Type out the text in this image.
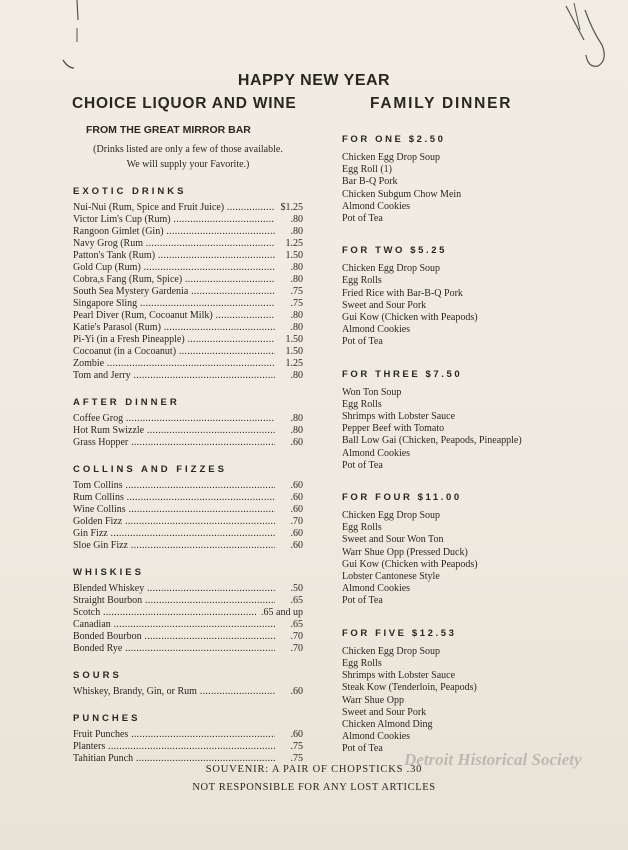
HAPPY NEW YEAR
CHOICE LIQUOR AND WINE	FAMILY DINNER
FROM THE GREAT MIRROR BAR
(Drinks listed are only a few of those available.
We will supply your Favorite.)
EXOTIC DRINKS
Nui-Nui (Rum, Spice and Fruit Juice) .....	$1.25
Victor Lim's Cup (Rum) .....	.80
Rangoon Gimlet (Gin) .....	.80
Navy Grog (Rum .....	1.25
Patton's Tank (Rum) .....	1.50
Gold Cup (Rum) .....	.80
Cobra,s Fang (Rum, Spice) .....	.80
South Sea Mystery Gardenia .....	.75
Singapore Sling .....	.75
Pearl Diver (Rum, Cocoanut Milk) .....	.80
Katie's Parasol (Rum) .....	.80
Pi-Yi (in a Fresh Pineapple) .....	1.50
Cocoanut (in a Cocoanut) .....	1.50
Zombie .....	1.25
Tom and Jerry .....	.80
AFTER DINNER
Coffee Grog .....	.80
Hot Rum Swizzle .....	.80
Grass Hopper .....	.60
COLLINS AND FIZZES
Tom Collins .....	.60
Rum Collins .....	.60
Wine Collins .....	.60
Golden Fizz .....	.70
Gin Fizz .....	.60
Sloe Gin Fizz .....	.60
WHISKIES
Blended Whiskey .....	.50
Straight Bourbon .....	.65
Scotch .....	.65 and up
Canadian .....	.65
Bonded Bourbon .....	.70
Bonded Rye .....	.70
SOURS
Whiskey, Brandy, Gin, or Rum .....	.60
PUNCHES
Fruit Punches .....	.60
Planters .....	.75
Tahitian Punch .....	.75
FOR ONE $2.50
Chicken Egg Drop Soup
Egg Roll (1)
Bar B-Q Pork
Chicken Subgum Chow Mein
Almond Cookies
Pot of Tea
FOR TWO $5.25
Chicken Egg Drop Soup
Egg Rolls
Fried Rice with Bar-B-Q Pork
Sweet and Sour Pork
Gui Kow (Chicken with Peapods)
Almond Cookies
Pot of Tea
FOR THREE $7.50
Won Ton Soup
Egg Rolls
Shrimps with Lobster Sauce
Pepper Beef with Tomato
Ball Low Gai (Chicken, Peapods, Pineapple)
Almond Cookies
Pot of Tea
FOR FOUR $11.00
Chicken Egg Drop Soup
Egg Rolls
Sweet and Sour Won Ton
Warr Shue Opp (Pressed Duck)
Gui Kow (Chicken with Peapods)
Lobster Cantonese Style
Almond Cookies
Pot of Tea
FOR FIVE $12.53
Chicken Egg Drop Soup
Egg Rolls
Shrimps with Lobster Sauce
Steak Kow (Tenderloin, Peapods)
Warr Shue Opp
Sweet and Sour Pork
Chicken Almond Ding
Almond Cookies
Pot of Tea
SOUVENIR: A PAIR OF CHOPSTICKS .30
NOT RESPONSIBLE FOR ANY LOST ARTICLES
Detroit Historical Society
